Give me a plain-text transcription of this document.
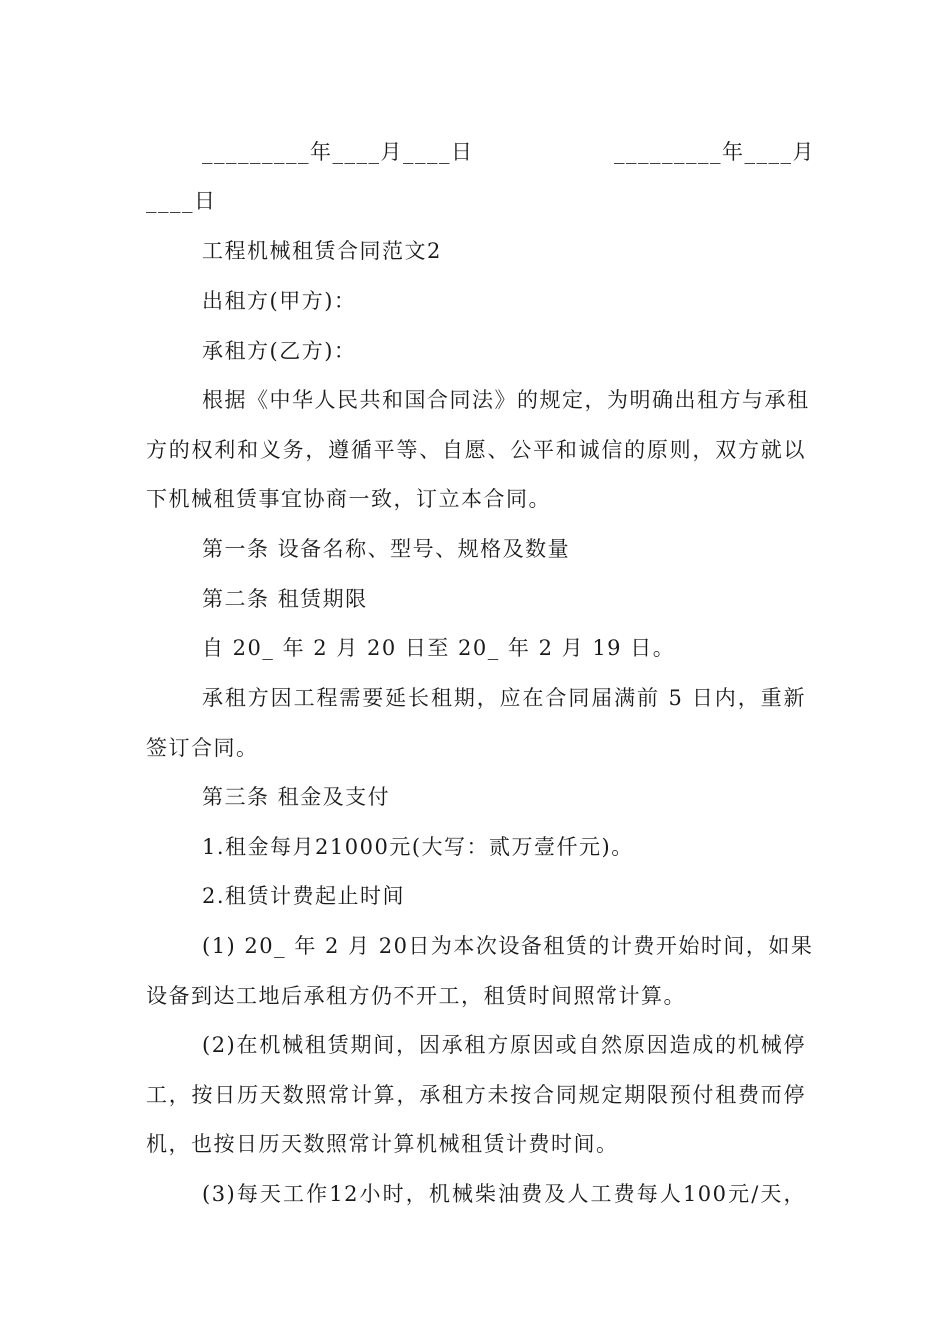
_________年____月____日	_________年____月
____日
工程机械租赁合同范文2
出租方(甲方)：
承租方(乙方)：
根据《中华人民共和国合同法》的规定，为明确出租方与承租
方的权利和义务，遵循平等、自愿、公平和诚信的原则，双方就以
下机械租赁事宜协商一致，订立本合同。
第一条 设备名称、型号、规格及数量
第二条 租赁期限
自 20_ 年 2 月 20 日至 20_ 年 2 月 19 日。
承租方因工程需要延长租期，应在合同届满前 5 日内，重新
签订合同。
第三条 租金及支付
1.租金每月21000元(大写：贰万壹仟元)。
2.租赁计费起止时间
(1) 20_ 年 2 月 20日为本次设备租赁的计费开始时间，如果
设备到达工地后承租方仍不开工，租赁时间照常计算。
(2)在机械租赁期间，因承租方原因或自然原因造成的机械停
工，按日历天数照常计算，承租方未按合同规定期限预付租费而停
机，也按日历天数照常计算机械租赁计费时间。
(3)每天工作12小时，机械柴油费及人工费每人100元/天，
